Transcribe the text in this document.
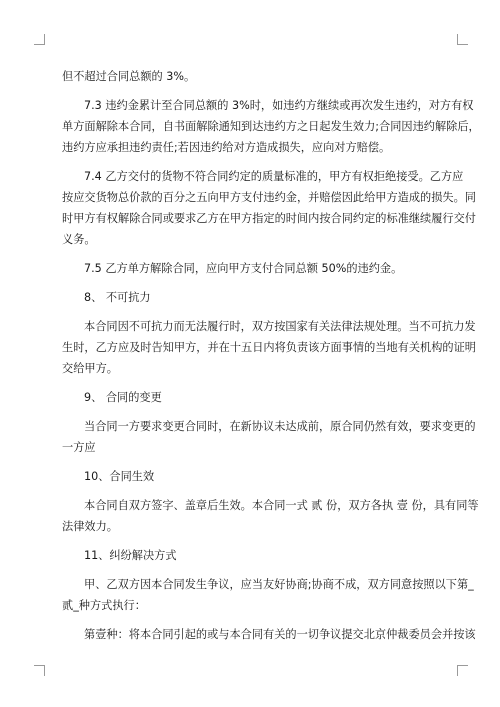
但不超过合同总额的 3%。

7.3 违约金累计至合同总额的 3%时，如违约方继续或再次发生违约，对方有权

单方面解除本合同，自书面解除通知到达违约方之日起发生效力;合同因违约解除后，

违约方应承担违约责任;若因违约给对方造成损失，应向对方赔偿。

7.4 乙方交付的货物不符合同约定的质量标准的，甲方有权拒绝接受。乙方应

按应交货物总价款的百分之五向甲方支付违约金，并赔偿因此给甲方造成的损失。同

时甲方有权解除合同或要求乙方在甲方指定的时间内按合同约定的标准继续履行交付

义务。

7.5 乙方单方解除合同，应向甲方支付合同总额 50%的违约金。

8、 不可抗力

本合同因不可抗力而无法履行时，双方按国家有关法律法规处理。当不可抗力发

生时，乙方应及时告知甲方，并在十五日内将负责该方面事情的当地有关机构的证明

交给甲方。

9、 合同的变更

当合同一方要求变更合同时，在新协议未达成前，原合同仍然有效，要求变更的

一方应

10、合同生效

本合同自双方签字、盖章后生效。本合同一式 贰 份，双方各执 壹 份，具有同等

法律效力。

11、纠纷解决方式

甲、乙双方因本合同发生争议，应当友好协商;协商不成，双方同意按照以下第_

贰_种方式执行：

第壹种：将本合同引起的或与本合同有关的一切争议提交北京仲裁委员会并按该
